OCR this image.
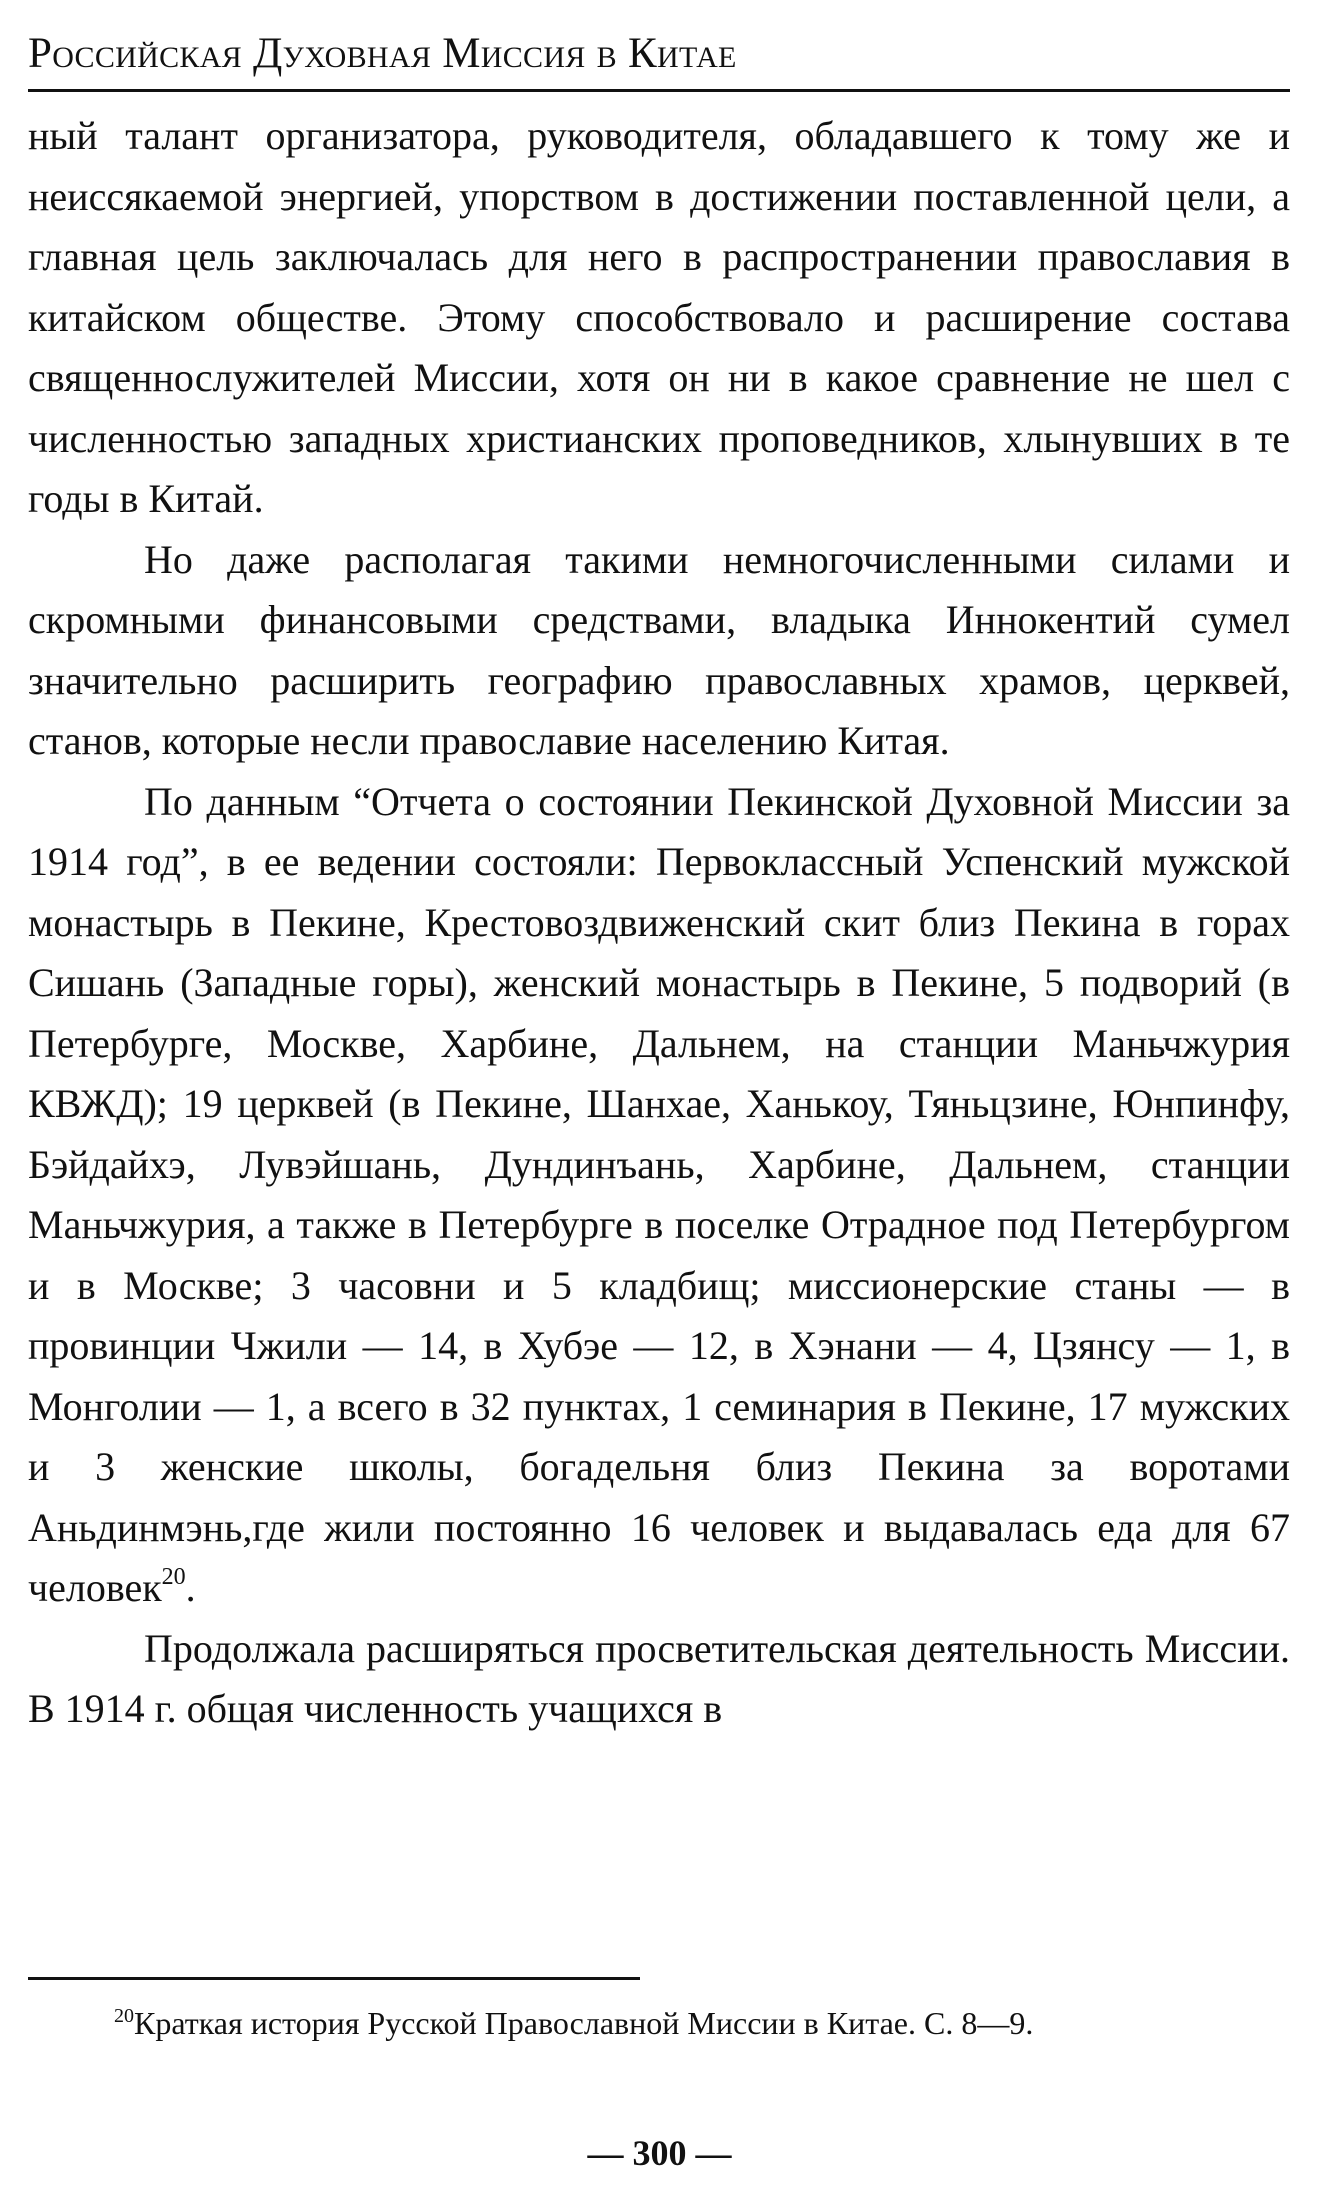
Российская Духовная Миссия в Китае

ный талант организатора, руководителя, обладавшего к тому же и неиссякаемой энергией, упорством в достижении поставленной цели, а главная цель заключалась для него в распространении православия в китайском обществе. Этому способствовало и расширение состава священнослужителей Миссии, хотя он ни в какое сравнение не шел с численностью западных христианских проповедников, хлынувших в те годы в Китай.

Но даже располагая такими немногочисленными силами и скромными финансовыми средствами, владыка Иннокентий сумел значительно расширить географию православных храмов, церквей, станов, которые несли православие населению Китая.

По данным “Отчета о состоянии Пекинской Духовной Миссии за 1914 год”, в ее ведении состояли: Первоклассный Успенский мужской монастырь в Пекине, Крестовоздвиженский скит близ Пекина в горах Сишань (Западные горы), женский монастырь в Пекине, 5 подворий (в Петербурге, Москве, Харбине, Дальнем, на станции Маньчжурия КВЖД); 19 церквей (в Пекине, Шанхае, Ханькоу, Тяньцзине, Юнпинфу, Бэйдайхэ, Лувэйшань, Дундинъань, Харбине, Дальнем, станции Маньчжурия, а также в Петербурге в поселке Отрадное под Петербургом и в Москве; 3 часовни и 5 кладбищ; миссионерские станы — в провинции Чжили — 14, в Хубэе — 12, в Хэнани — 4, Цзянсу — 1, в Монголии — 1, а всего в 32 пунктах, 1 семинария в Пекине, 17 мужских и 3 женские школы, богадельня близ Пекина за воротами Аньдинмэнь,где жили постоянно 16 человек и выдавалась еда для 67 человек$^{20}$.

Продолжала расширяться просветительская деятельность Миссии. В 1914 г. общая численность учащихся в

$^{20}$Краткая история Русской Православной Миссии в Китае. С. 8—9.
— 300 —
